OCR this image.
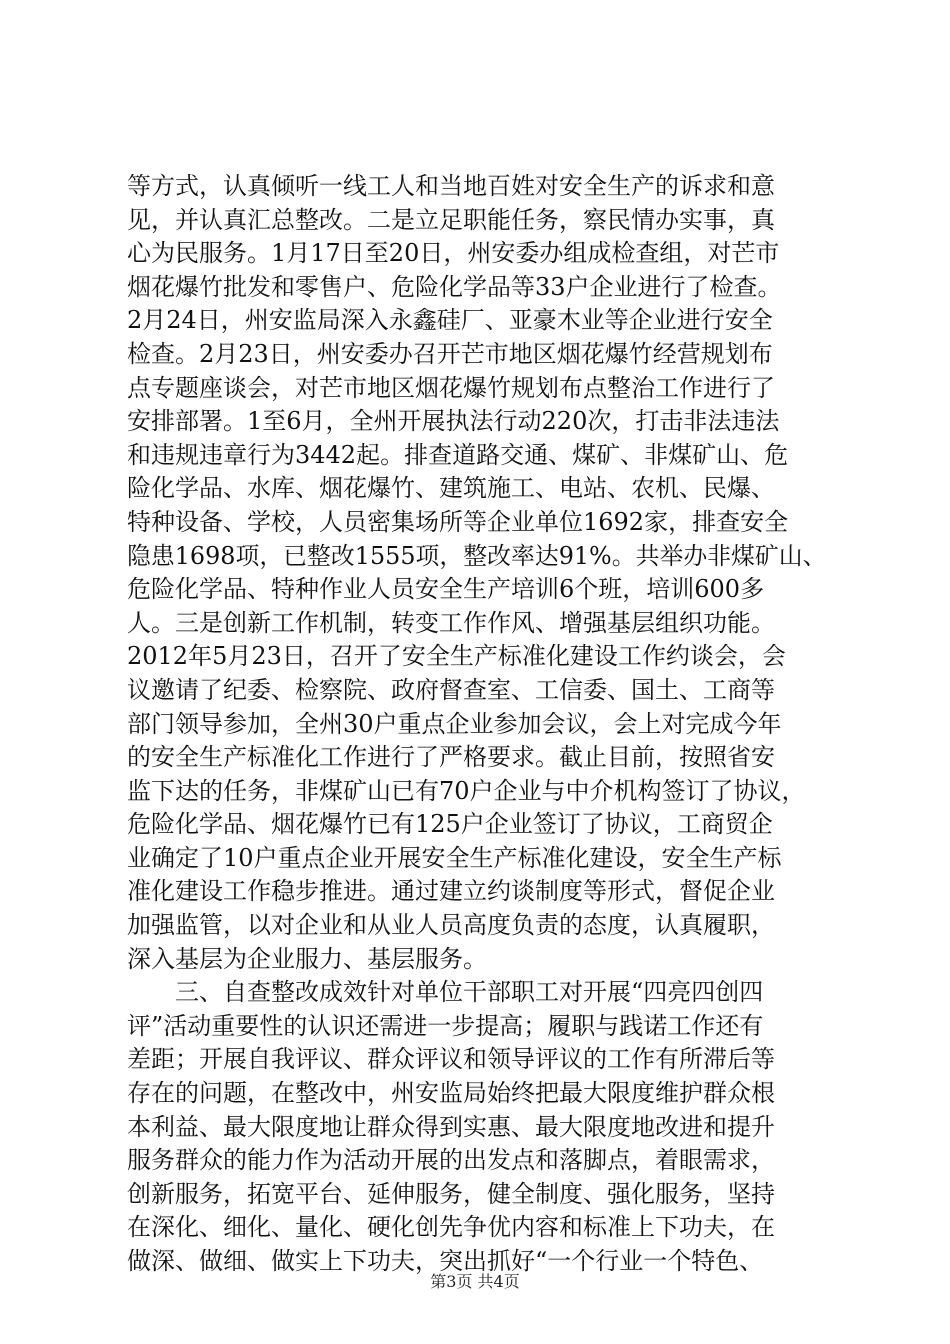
等方式，认真倾听一线工人和当地百姓对安全生产的诉求和意
见，并认真汇总整改。二是立足职能任务，察民情办实事，真
心为民服务。1月17日至20日，州安委办组成检查组，对芒市
烟花爆竹批发和零售户、危险化学品等33户企业进行了检查。
2月24日，州安监局深入永鑫硅厂、亚豪木业等企业进行安全
检查。2月23日，州安委办召开芒市地区烟花爆竹经营规划布
点专题座谈会，对芒市地区烟花爆竹规划布点整治工作进行了
安排部署。1至6月，全州开展执法行动220次，打击非法违法
和违规违章行为3442起。排查道路交通、煤矿、非煤矿山、危
险化学品、水库、烟花爆竹、建筑施工、电站、农机、民爆、
特种设备、学校，人员密集场所等企业单位1692家，排查安全
隐患1698项，已整改1555项，整改率达91%。共举办非煤矿山、
危险化学品、特种作业人员安全生产培训6个班，培训600多
人。三是创新工作机制，转变工作作风、增强基层组织功能。
2012年5月23日，召开了安全生产标准化建设工作约谈会，会
议邀请了纪委、检察院、政府督查室、工信委、国土、工商等
部门领导参加，全州30户重点企业参加会议，会上对完成今年
的安全生产标准化工作进行了严格要求。截止目前，按照省安
监下达的任务，非煤矿山已有70户企业与中介机构签订了协议，
危险化学品、烟花爆竹已有125户企业签订了协议，工商贸企
业确定了10户重点企业开展安全生产标准化建设，安全生产标
准化建设工作稳步推进。通过建立约谈制度等形式，督促企业
加强监管，以对企业和从业人员高度负责的态度，认真履职，
深入基层为企业服力、基层服务。
　　三、自查整改成效针对单位干部职工对开展“四亮四创四
评”活动重要性的认识还需进一步提高；履职与践诺工作还有
差距；开展自我评议、群众评议和领导评议的工作有所滞后等
存在的问题，在整改中，州安监局始终把最大限度维护群众根
本利益、最大限度地让群众得到实惠、最大限度地改进和提升
服务群众的能力作为活动开展的出发点和落脚点，着眼需求，
创新服务，拓宽平台、延伸服务，健全制度、强化服务，坚持
在深化、细化、量化、硬化创先争优内容和标准上下功夫，在
做深、做细、做实上下功夫，突出抓好“一个行业一个特色、
第3页 共4页
